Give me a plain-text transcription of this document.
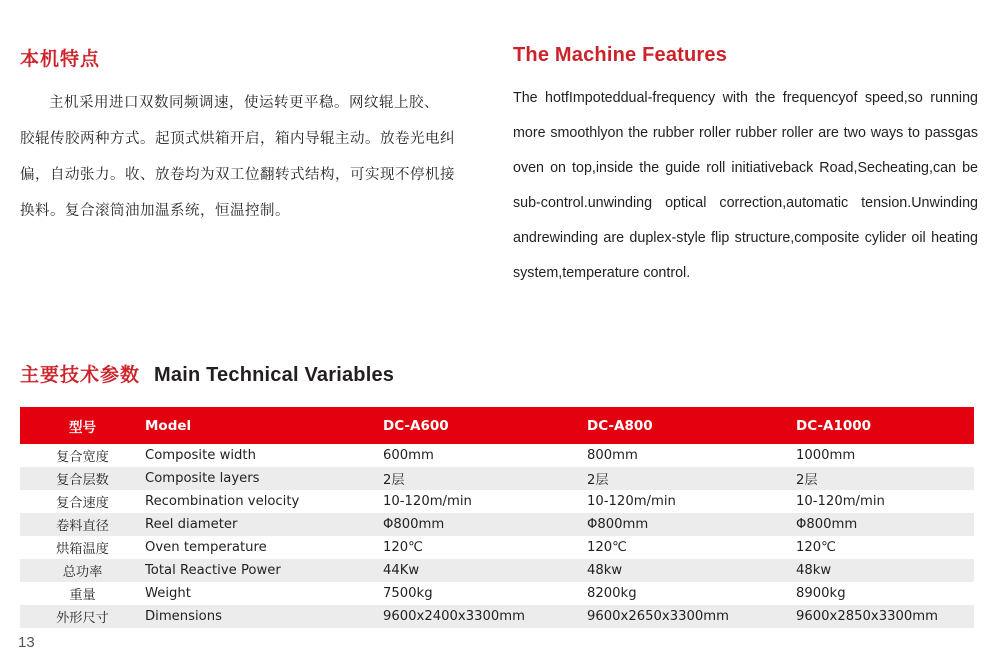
本机特点

主机采用进口双数同频调速，使运转更平稳。网纹辊上胶、 胶辊传胶两种方式。起顶式烘箱开启，箱内导辊主动。放卷光电纠偏，自动张力。收、放卷均为双工位翻转式结构，可实现不停机接换料。复合滚筒油加温系统，恒温控制。

The Machine Features

The hotfImpoteddual-frequency with the frequencyof speed,so running more smoothlyon the rubber roller rubber roller are two ways to passgas oven on top,inside the guide roll initiativeback Road,Secheating,can be sub-control.unwinding optical correction,automatic tension.Unwinding andrewinding are duplex-style flip structure,composite cylider oil heating system,temperature control.

主要技术参数 Main Technical Variables
型号	Model	DC-A600	DC-A800	DC-A1000
复合宽度	Composite width	600mm	800mm	1000mm
复合层数	Composite layers	2层	2层	2层
复合速度	Recombination velocity	10-120m/min	10-120m/min	10-120m/min
卷料直径	Reel diameter	Φ800mm	Φ800mm	Φ800mm
烘箱温度	Oven temperature	120℃	120℃	120℃
总功率	Total Reactive Power	44Kw	48kw	48kw
重量	Weight	7500kg	8200kg	8900kg
外形尺寸	Dimensions	9600x2400x3300mm	9600x2650x3300mm	9600x2850x3300mm
13
